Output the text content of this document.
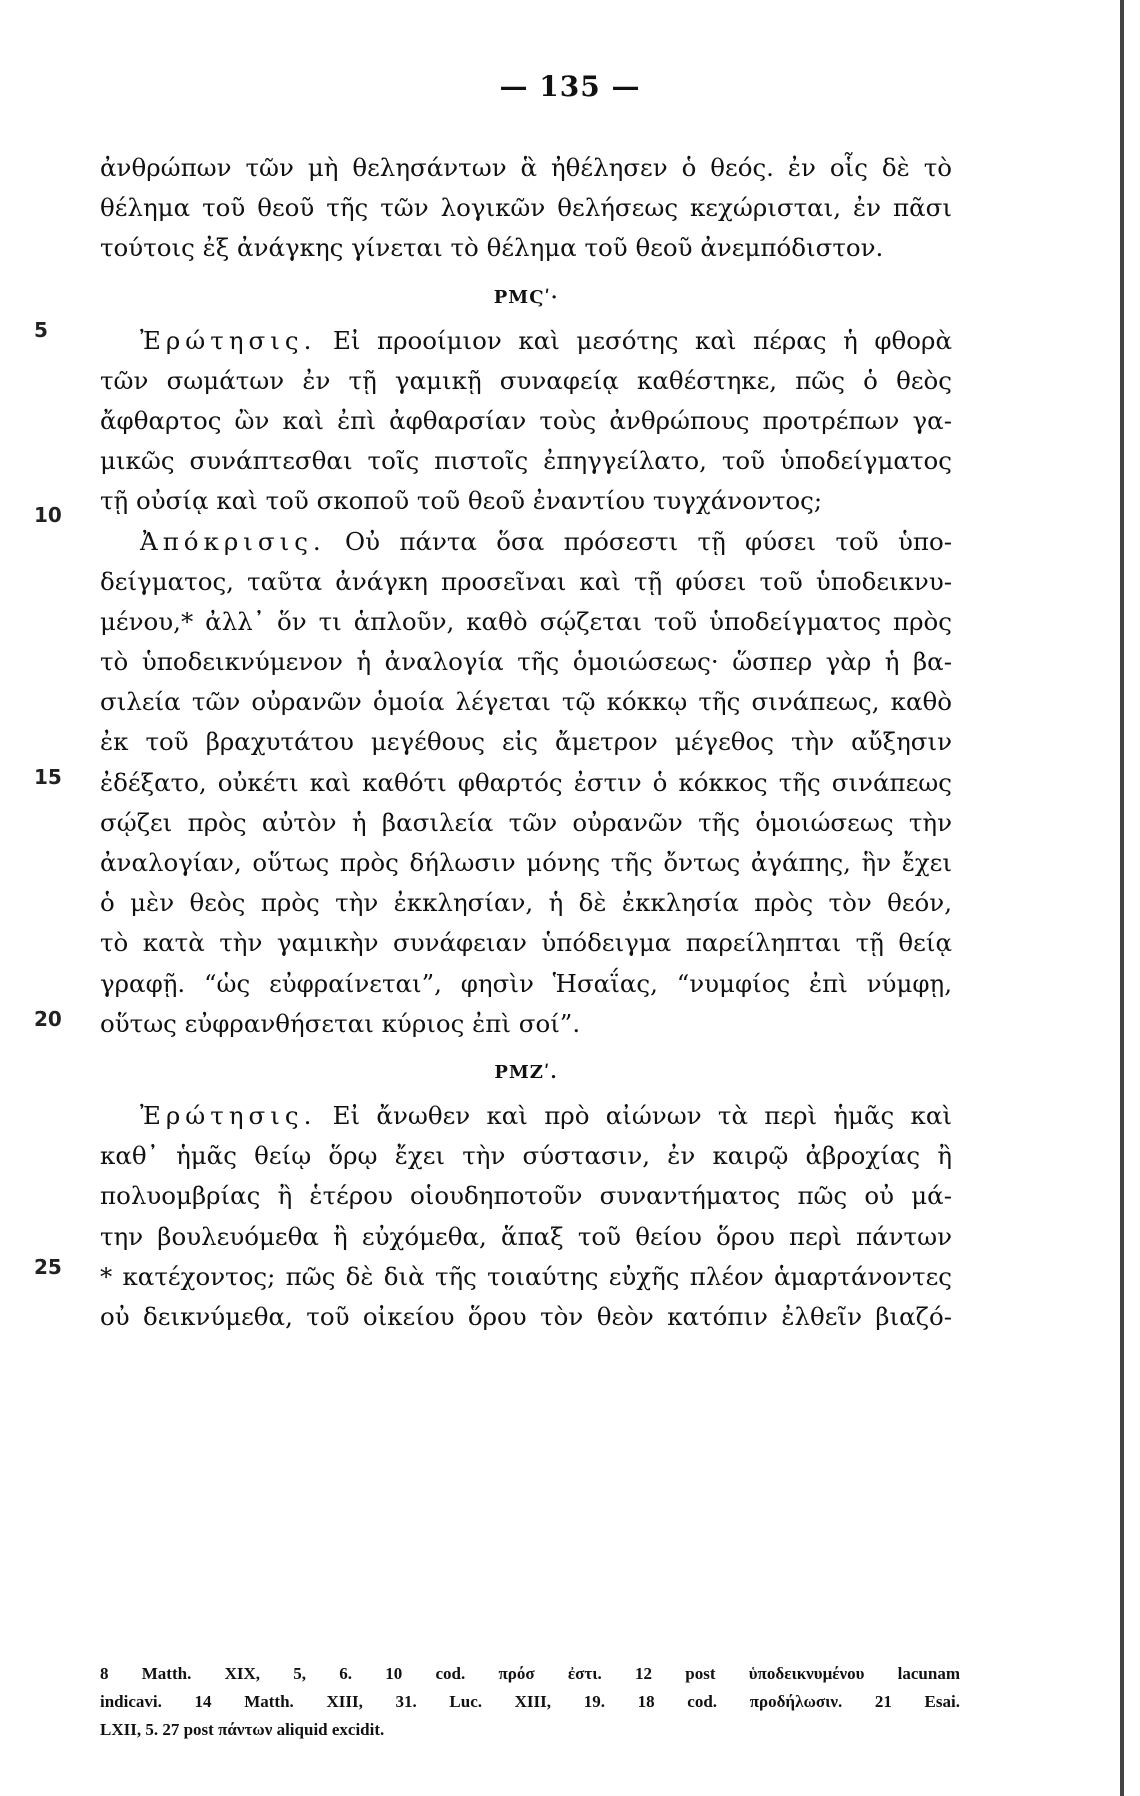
— 135 —
5
10
15
20
25
ἀνθρώπων τῶν μὴ θελησάντων ἃ ἠθέλησεν ὁ θεός. ἐν οἷς δὲ τὸ
θέλημα τοῦ θεοῦ τῆς τῶν λογικῶν θελήσεως κεχώρισται, ἐν πᾶσι
τούτοις ἐξ ἀνάγκης γίνεται τὸ θέλημα τοῦ θεοῦ ἀνεμπόδιστον.
ΡΜϚʹ·
Ἐρώτησις. Εἰ προοίμιον καὶ μεσότης καὶ πέρας ἡ φθορὰ
τῶν σωμάτων ἐν τῇ γαμικῇ συναφείᾳ καθέστηκε, πῶς ὁ θεὸς
ἄφθαρτος ὢν καὶ ἐπὶ ἀφθαρσίαν τοὺς ἀνθρώπους προτρέπων γα-
μικῶς συνάπτεσθαι τοῖς πιστοῖς ἐπηγγείλατο, τοῦ ὑποδείγματος
τῇ οὐσίᾳ καὶ τοῦ σκοποῦ τοῦ θεοῦ ἐναντίου τυγχάνοντος;
Ἀπόκρισις. Οὐ πάντα ὅσα πρόσεστι τῇ φύσει τοῦ ὑπο-
δείγματος, ταῦτα ἀνάγκη προσεῖναι καὶ τῇ φύσει τοῦ ὑποδεικνυ-
μένου,* ἀλλ᾿ ὅν τι ἁπλοῦν, καθὸ σῴζεται τοῦ ὑποδείγματος πρὸς
τὸ ὑποδεικνύμενον ἡ ἀναλογία τῆς ὁμοιώσεως· ὥσπερ γὰρ ἡ βα-
σιλεία τῶν οὐρανῶν ὁμοία λέγεται τῷ κόκκῳ τῆς σινάπεως, καθὸ
ἐκ τοῦ βραχυτάτου μεγέθους εἰς ἄμετρον μέγεθος τὴν αὔξησιν
ἐδέξατο, οὐκέτι καὶ καθότι φθαρτός ἐστιν ὁ κόκκος τῆς σινάπεως
σῴζει πρὸς αὐτὸν ἡ βασιλεία τῶν οὐρανῶν τῆς ὁμοιώσεως τὴν
ἀναλογίαν, οὕτως πρὸς δήλωσιν μόνης τῆς ὄντως ἀγάπης, ἣν ἔχει
ὁ μὲν θεὸς πρὸς τὴν ἐκκλησίαν, ἡ δὲ ἐκκλησία πρὸς τὸν θεόν,
τὸ κατὰ τὴν γαμικὴν συνάφειαν ὑπόδειγμα παρείληπται τῇ θείᾳ
γραφῇ. “ὡς εὐφραίνεται”, φησὶν Ἡσαΐας, “νυμφίος ἐπὶ νύμφῃ,
οὕτως εὐφρανθήσεται κύριος ἐπὶ σοί”.
ΡΜΖʹ.
Ἐρώτησις. Εἰ ἄνωθεν καὶ πρὸ αἰώνων τὰ περὶ ἡμᾶς καὶ
καθ᾿ ἡμᾶς θείῳ ὅρῳ ἔχει τὴν σύστασιν, ἐν καιρῷ ἀβροχίας ἢ
πολυομβρίας ἢ ἑτέρου οἱουδηποτοῦν συναντήματος πῶς οὐ μά-
την βουλευόμεθα ἢ εὐχόμεθα, ἅπαξ τοῦ θείου ὅρου περὶ πάντων
* κατέχοντος; πῶς δὲ διὰ τῆς τοιαύτης εὐχῆς πλέον ἁμαρτάνοντες
οὐ δεικνύμεθα, τοῦ οἰκείου ὅρου τὸν θεὸν κατόπιν ἐλθεῖν βιαζό-
8 Matth. XIX, 5, 6. 10 cod. πρόσ ἐστι. 12 post ὑποδεικνυμένου lacunam
indicavi. 14 Matth. XIII, 31. Luc. XIII, 19. 18 cod. προδήλωσιν. 21 Esai.
LXII, 5. 27 post πάντων aliquid excidit.
